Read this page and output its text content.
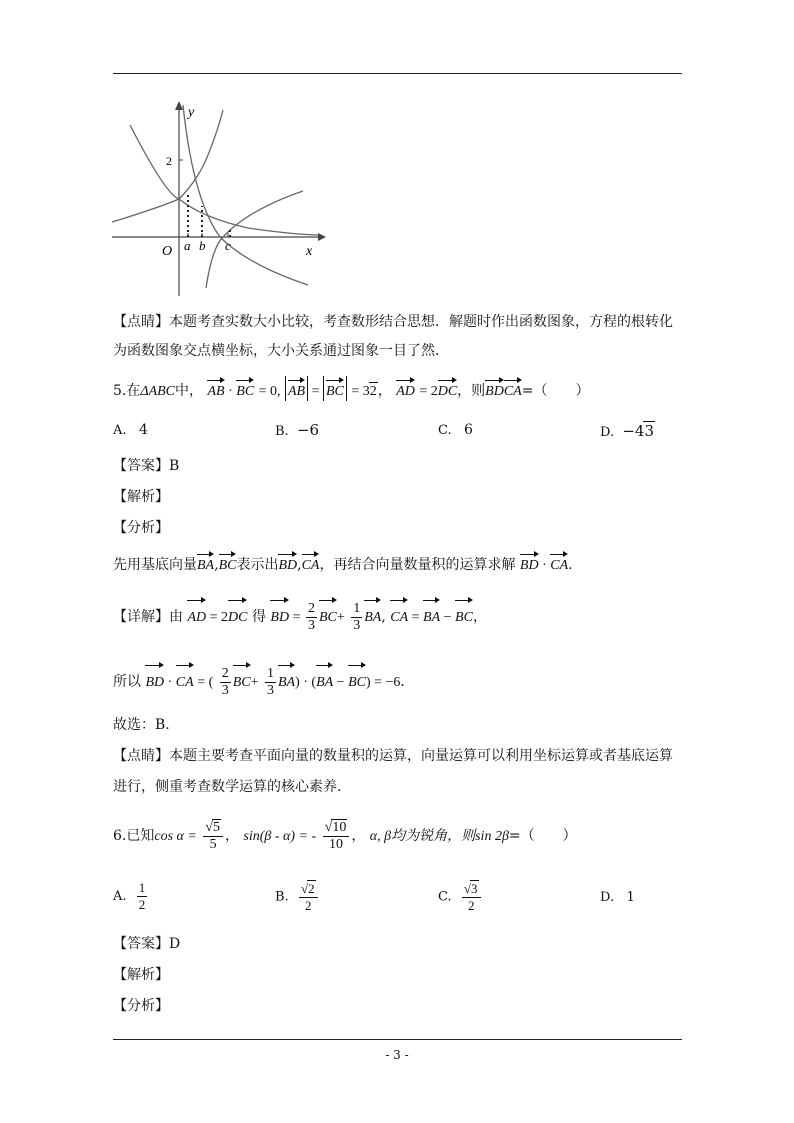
y
x
O
2
a b c
【点睛】本题考查实数大小比较，考查数形结合思想．解题时作出函数图象，方程的根转化
为函数图象交点横坐标，大小关系通过图象一目了然．
5.在ΔABC中， AB · BC = 0, AB = BC = 32， AD = 2DC，则BDCA=（　　）
A. 4	B. −6	C. 6	D. −43
【答案】B
【解析】
【分析】
先用基底向量BA,BC表示出BD,CA，再结合向量数量积的运算求解 BD · CA.
【详解】由 AD = 2DC 得 BD = $\frac{2}{3} BC+ \frac{1}{3}$ BA, CA = BA − BC，
所以 BD · CA = ( $\frac{2}{3} BC+ \frac{1}{3} BA) \cdot (BA - BC) = -6$．
故选：B.
【点睛】本题主要考查平面向量的数量积的运算，向量运算可以利用坐标运算或者基底运算
进行，侧重考查数学运算的核心素养.
6.已知$\cos \alpha = \frac{√5}{5}$ ， sin(β - α) = - $\frac{√10}{10}$ ， α, β均为锐角，则sin 2β=（　　）
A. $\frac{1}{2}$	B. $\frac{√2}{2}$	C. $\frac{√3}{2}$	D. 1
【答案】D
【解析】
【分析】
- 3 -
